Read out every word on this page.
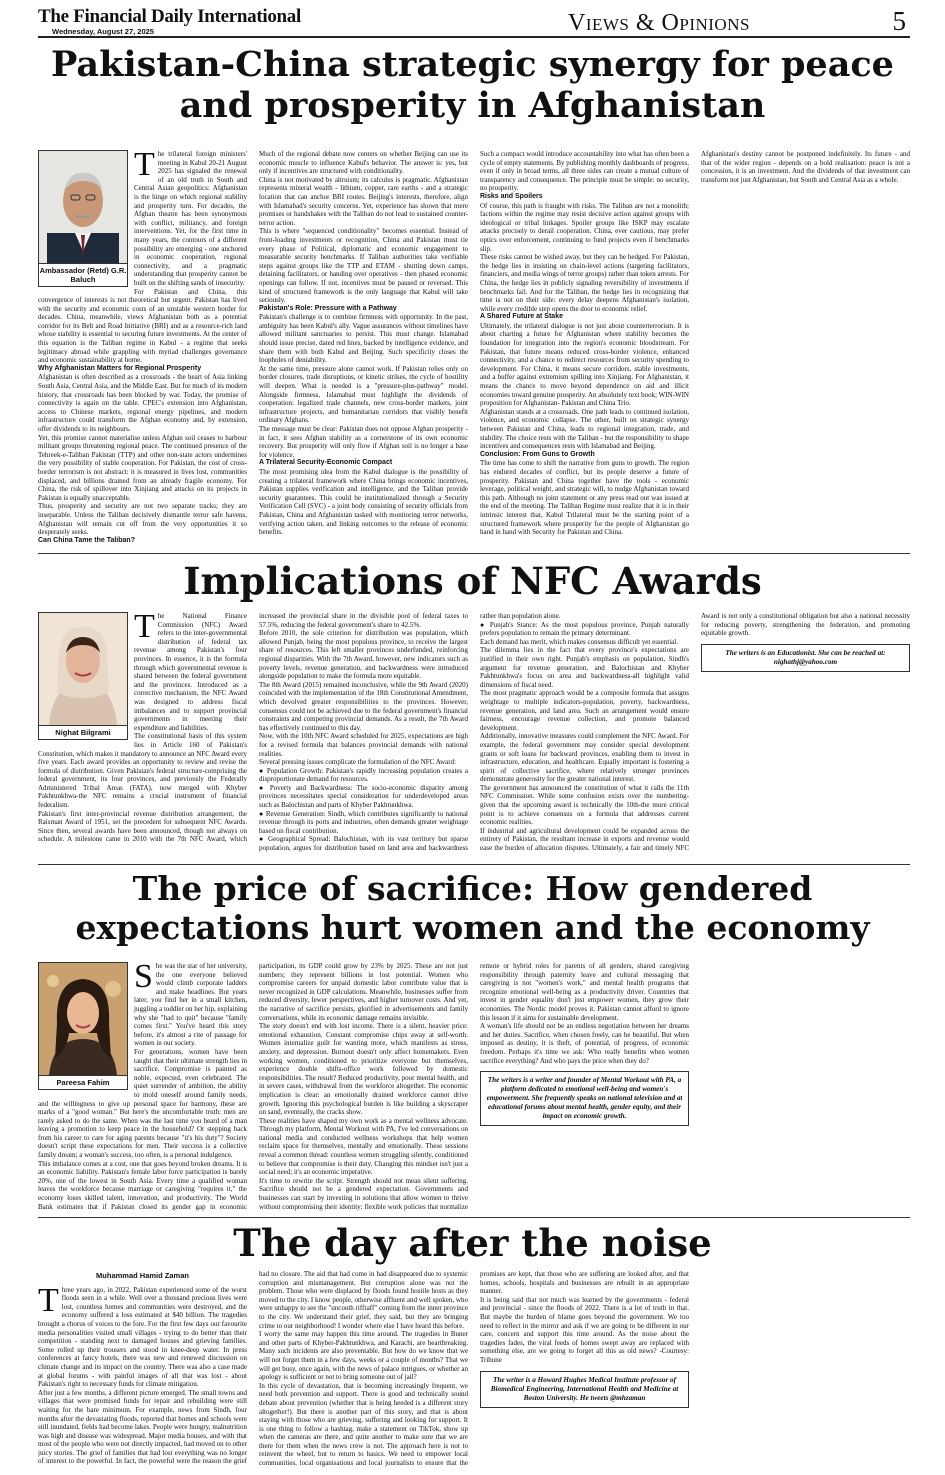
The Financial Daily International
Wednesday, August 27, 2025	Views & Opinions	5
Pakistan-China strategic synergy for peace and prosperity in Afghanistan
Ambassador (Retd) G.R. Baluch
T he trilateral foreign ministers' meeting in Kabul 20-21 August 2025 has signaled the renewal of an old truth in South and Central Asian geopolitics: Afghanistan is the hinge on which regional stability and prosperity turn. For decades, the Afghan theatre has been synonymous with conflict, militancy, and foreign interventions. Yet, for the first time in many years, the contours of a different possibility are emerging - one anchored in economic cooperation, regional connectivity, and a pragmatic understanding that prosperity cannot be built on the shifting sands of insecurity.

For Pakistan and China, this convergence of interests is not theoretical but urgent. Pakistan has lived with the security and economic costs of an unstable western border for decades. China, meanwhile, views Afghanistan both as a potential corridor for its Belt and Road Initiative (BRI) and as a resource-rich land whose stability is essential to securing future investments. At the center of this equation is the Taliban regime in Kabul - a regime that seeks legitimacy abroad while grappling with myriad challenges governance and economic sustainability at home.

Why Afghanistan Matters for Regional Prosperity

Afghanistan is often described as a crossroads - the heart of Asia linking South Asia, Central Asia, and the Middle East. But for much of its modern history, that crossroads has been blocked by war. Today, the promise of connectivity is again on the table. CPEC's extension into Afghanistan, access to Chinese markets, regional energy pipelines, and modern infrastructure could transform the Afghan economy and, by extension, offer dividends to its neighbours.

Yet, this promise cannot materialise unless Afghan soil ceases to harbour militant groups threatening regional peace. The continued presence of the Tehreek-e-Taliban Pakistan (TTP) and other non-state actors undermines the very possibility of stable cooperation. For Pakistan, the cost of cross-border terrorism is not abstract: it is measured in lives lost, communities displaced, and billions drained from an already fragile economy. For China, the risk of spillover into Xinjiang and attacks on its projects in Pakistan is equally unacceptable.

Thus, prosperity and security are not two separate tracks; they are inseparable. Unless the Taliban decisively dismantle terror safe havens, Afghanistan will remain cut off from the very opportunities it so desperately seeks.

Can China Tame the Taliban?

Much of the regional debate now centers on whether Beijing can use its economic muscle to influence Kabul's behavior. The answer is: yes, but only if incentives are structured with conditionality.

China is not motivated by altruism; its calculus is pragmatic. Afghanistan represents mineral wealth - lithium, copper, rare earths - and a strategic location that can anchor BRI routes. Beijing's interests, therefore, align with Islamabad's security concerns. Yet, experience has shown that mere promises or handshakes with the Taliban do not lead to sustained counter-terror action.

This is where "sequenced conditionality" becomes essential. Instead of front-loading investments or recognition, China and Pakistan must tie every phase of Political, diplomatic and economic engagement to measurable security benchmarks. If Taliban authorities take verifiable steps against groups like the TTP and ETAM - shutting down camps, detaining facilitators, or handing over operatives - then phased economic openings can follow. If not, incentives must be paused or reversed. This kind of structured framework is the only language that Kabul will take seriously.

Pakistan's Role: Pressure with a Pathway

Pakistan's challenge is to combine firmness with opportunity. In the past, ambiguity has been Kabul's ally. Vague assurances without timelines have allowed militant sanctuaries to persist. This must change. Islamabad should issue precise, dated red lines, backed by intelligence evidence, and share them with both Kabul and Beijing. Such specificity closes the loopholes of deniability.

At the same time, pressure alone cannot work. If Pakistan relies only on border closures, trade disruptions, or kinetic strikes, the cycle of hostility will deepen. What is needed is a "pressure-plus-pathway" model. Alongside firmness, Islamabad must highlight the dividends of cooperation: legalized trade channels, new cross-border markets, joint infrastructure projects, and humanitarian corridors that visibly benefit ordinary Afghans.

The message must be clear: Pakistan does not oppose Afghan prosperity - in fact, it sees Afghan stability as a cornerstone of its own economic recovery. But prosperity will only flow if Afghan soil is no longer a base for violence.

A Trilateral Security-Economic Compact

The most promising idea from the Kabul dialogue is the possibility of creating a trilateral framework where China brings economic incentives, Pakistan supplies verification and intelligence, and the Taliban provide security guarantees. This could be institutionalized through a Security Verification Cell (SVC) - a joint body consisting of security officials from Pakistan, China and Afghanistan tasked with monitoring terror networks, verifying action taken, and linking outcomes to the release of economic benefits.

Such a compact would introduce accountability into what has often been a cycle of empty statements. By publishing monthly dashboards of progress, even if only in broad terms, all three sides can create a mutual culture of transparency and consequence. The principle must be simple: no security, no prosperity.

Risks and Spoilers

Of course, this path is fraught with risks. The Taliban are not a monolith; factions within the regime may resist decisive action against groups with ideological or tribal linkages. Spoiler groups like ISKP may escalate attacks precisely to derail cooperation. China, ever cautious, may prefer optics over enforcement, continuing to fund projects even if benchmarks slip.

These risks cannot be wished away, but they can be hedged. For Pakistan, the hedge lies in insisting on chain-level actions (targeting facilitators, financiers, and media wings of terror groups) rather than token arrests. For China, the hedge lies in publicly signaling reversibility of investments if benchmarks fail. And for the Taliban, the hedge lies in recognizing that time is not on their side: every delay deepens Afghanistan's isolation, while every credible step opens the door to economic relief.

A Shared Future at Stake

Ultimately, the trilateral dialogue is not just about counterterrorism. It is about charting a future for Afghanistan where stability becomes the foundation for integration into the region's economic bloodstream. For Pakistan, that future means reduced cross-border violence, enhanced connectivity, and a chance to redirect resources from security spending to development. For China, it means secure corridors, stable investments, and a buffer against extremism spilling into Xinjiang. For Afghanistan, it means the chance to move beyond dependence on aid and illicit economies toward genuine prosperity. An absolutely text book; WIN-WIN proposition for Afghanistan- Pakistan and China Trio.

Afghanistan stands at a crossroads. One path leads to continued isolation, violence, and economic collapse. The other, built on strategic synergy between Pakistan and China, leads to regional integration, trade, and stability. The choice rests with the Taliban - but the responsibility to shape incentives and consequences rests with Islamabad and Beijing.

Conclusion: From Guns to Growth

The time has come to shift the narrative from guns to growth. The region has endured decades of conflict, but its people deserve a future of prosperity. Pakistan and China together have the tools - economic leverage, political weight, and strategic will, to nudge Afghanistan toward this path. Although no joint statement or any press read out was issued at the end of the meeting. The Taliban Regime must realize that it is in their intrinsic interest that, Kabul Trilateral must be the starting point of a structured framework where prosperity for the people of Afghanistan go hand in hand with Security for Pakistan and China.

Afghanistan's destiny cannot be postponed indefinitely. Its future - and that of the wider region - depends on a bold realisation: peace is not a concession, it is an investment. And the dividends of that investment can transform not just Afghanistan, but South and Central Asia as a whole.

Implications of NFC Awards
Nighat Bilgrami
T he National Finance Commission (NFC) Award refers to the inter-governmental distribution of federal tax revenue among Pakistan's four provinces. In essence, it is the formula through which governmental revenue is shared between the federal government and the provinces. Introduced as a corrective mechanism, the NFC Award was designed to address fiscal imbalances and to support provincial governments in meeting their expenditure and liabilities.

The constitutional basis of this system lies in Article 160 of Pakistan's Constitution, which makes it mandatory to announce an NFC Award every five years. Each award provides an opportunity to review and revise the formula of distribution. Given Pakistan's federal structure-comprising the federal government, its four provinces, and previously the Federally Administered Tribal Areas (FATA), now merged with Khyber Pakhtunkhwa-the NFC remains a crucial instrument of financial federalism.

Pakistan's first inter-provincial revenue distribution arrangement, the Raisman Award of 1951, set the precedent for subsequent NFC Awards. Since then, several awards have been announced, though not always on schedule. A milestone came in 2010 with the 7th NFC Award, which increased the provincial share in the divisible pool of federal taxes to 57.5%, reducing the federal government's share to 42.5%.

Before 2010, the sole criterion for distribution was population, which allowed Punjab, being the most populous province, to receive the largest share of resources. This left smaller provinces underfunded, reinforcing regional disparities. With the 7th Award, however, new indicators such as poverty levels, revenue generation, and backwardness were introduced alongside population to make the formula more equitable.

The 8th Award (2015) remained inconclusive, while the 9th Award (2020) coincided with the implementation of the 18th Constitutional Amendment, which devolved greater responsibilities to the provinces. However, consensus could not be achieved due to the federal government's financial constraints and competing provincial demands. As a result, the 7th Award has effectively continued to this day.

Now, with the 10th NFC Award scheduled for 2025, expectations are high for a revised formula that balances provincial demands with national realities.

Several pressing issues complicate the formulation of the NFC Award:

● Population Growth: Pakistan's rapidly increasing population creates a disproportionate demand for resources.

● Poverty and Backwardness: The socio-economic disparity among provinces necessitates special consideration for underdeveloped areas such as Balochistan and parts of Khyber Pakhtunkhwa.

● Revenue Generation: Sindh, which contributes significantly to national revenue through its ports and industries, often demands greater weightage based on fiscal contribution.

● Geographical Spread: Balochistan, with its vast territory but sparse population, argues for distribution based on land area and backwardness rather than population alone.

● Punjab's Stance: As the most populous province, Punjab naturally prefers population to remain the primary determinant.

Each demand has merit, which makes consensus difficult yet essential.

The dilemma lies in the fact that every province's expectations are justified in their own right. Punjab's emphasis on population, Sindh's argument for revenue generation, and Balochistan and Khyber Pakhtunkhwa's focus on area and backwardness-all highlight valid dimensions of fiscal need.

The most pragmatic approach would be a composite formula that assigns weightage to multiple indicators-population, poverty, backwardness, revenue generation, and land area. Such an arrangement would ensure fairness, encourage revenue collection, and promote balanced development.

Additionally, innovative measures could complement the NFC Award. For example, the federal government may consider special development grants or soft loans for backward provinces, enabling them to invest in infrastructure, education, and healthcare. Equally important is fostering a spirit of collective sacrifice, where relatively stronger provinces demonstrate generosity for the greater national interest.

The government has announced the constitution of what it calls the 11th NFC Commission. While some confusion exists over the numbering-given that the upcoming award is technically the 10th-the more critical point is to achieve consensus on a formula that addresses current economic realities.

If industrial and agricultural development could be expanded across the entirety of Pakistan, the resultant increase in exports and revenue would ease the burden of allocation disputes. Ultimately, a fair and timely NFC Award is not only a constitutional obligation but also a national necessity for reducing poverty, strengthening the federation, and promoting equitable growth.

The writers is an Educationist. She can be reached at: nighathj@yahoo.com
The price of sacrifice: How gendered expectations hurt women and the economy
Pareesa Fahim
S he was the star of her university, the one everyone believed would climb corporate ladders and make headlines. But years later, you find her in a small kitchen, juggling a toddler on her hip, explaining why she "had to quit" because "family comes first." You've heard this story before, it's almost a rite of passage for women in our society.

For generations, women have been taught that their ultimate strength lies in sacrifice. Compromise is painted as noble, expected, even celebrated. The quiet surrender of ambition, the ability to mold oneself around family needs, and the willingness to give up personal space for harmony, these are marks of a "good woman." But here's the uncomfortable truth: men are rarely asked to do the same. When was the last time you heard of a man leaving a promotion to keep peace in the household? Or stepping back from his career to care for aging parents because "it's his duty"? Society doesn't script these expectations for men. Their success is a collective family dream; a woman's success, too often, is a personal indulgence.

This imbalance comes at a cost, one that goes beyond broken dreams. It is an economic liability. Pakistan's female labor force participation is barely 20%, one of the lowest in South Asia. Every time a qualified woman leaves the workforce because marriage or caregiving "requires it," the economy loses skilled talent, innovation, and productivity. The World Bank estimates that if Pakistan closed its gender gap in economic participation, its GDP could grow by 23% by 2025. These are not just numbers; they represent billions in lost potential. Women who compromise careers for unpaid domestic labor contribute value that is never recognized in GDP calculations. Meanwhile, businesses suffer from reduced diversity, fewer perspectives, and higher turnover costs. And yet, the narrative of sacrifice persists, glorified in advertisements and family conversations, while its economic damage remains invisible.

The story doesn't end with lost income. There is a silent, heavier price: emotional exhaustion. Constant compromise chips away at self-worth. Women internalize guilt for wanting more, which manifests as stress, anxiety, and depression. Burnout doesn't only affect homemakers. Even working women, conditioned to prioritize everyone but themselves, experience double shifts-office work followed by domestic responsibilities. The result? Reduced productivity, poor mental health, and in severe cases, withdrawal from the workforce altogether. The economic implication is clear: an emotionally drained workforce cannot drive growth. Ignoring this psychological burden is like building a skyscraper on sand, eventually, the cracks show.

These realities have shaped my own work as a mental wellness advocate. Through my platform, Mental Workout with PA, I've led conversations on national media and conducted wellness workshops that help women reclaim space for themselves, mentally and emotionally. These sessions reveal a common thread: countless women struggling silently, conditioned to believe that compromise is their duty. Changing this mindset isn't just a social need; it's an economic imperative.

It's time to rewrite the script. Strength should not mean silent suffering. Sacrifice should not be a gendered expectation. Governments and businesses can start by investing in solutions that allow women to thrive without compromising their identity: flexible work policies that normalize remote or hybrid roles for parents of all genders, shared caregiving responsibility through paternity leave and cultural messaging that caregiving is not "women's work," and mental health programs that recognize emotional well-being as a productivity driver. Countries that invest in gender equality don't just empower women, they grow their economies. The Nordic model proves it. Pakistan cannot afford to ignore this lesson if it aims for sustainable development.

A woman's life should not be an endless negotiation between her dreams and her duties. Sacrifice, when chosen freely, can be beautiful. But when imposed as destiny, it is theft, of potential, of progress, of economic freedom. Perhaps it's time we ask: Who really benefits when women sacrifice everything? And who pays the price when they do?

The writers is a writer and founder of Mental Workout with PA, a platform dedicated to emotional well-being and women's empowerment. She frequently speaks on national television and at educational forums about mental health, gender equity, and their impact on economic growth.
The day after the noise
Muhammad Hamid Zaman
T hree years ago, in 2022, Pakistan experienced some of the worst floods seen in a while. Well over a thousand precious lives were lost, countless homes and communities were destroyed, and the economy suffered a loss estimated at $40 billion. The tragedies brought a chorus of voices to the fore. For the first few days our favourite media personalities visited small villages - trying to do better than their competition - standing next to damaged houses and grieving families. Some rolled up their trousers and stood in knee-deep water. In press conferences at fancy hotels, there was new and renewed discussion on climate change and its impact on the country. There was also a case made at global forums - with painful images of all that was lost - about Pakistan's right to necessary funds for climate mitigation.

After just a few months, a different picture emerged. The small towns and villages that were promised funds for repair and rebuilding were still waiting for the bare minimum. For example, news from Sindh, four months after the devastating floods, reported that homes and schools were still inundated, fields had become lakes. People were hungry, malnutrition was high and disease was widespread. Major media houses, and with that most of the people who were not directly impacted, had moved on to other juicy stories. The grief of families that had lost everything was no longer of interest to the powerful. In fact, the powerful were the reason the grief had no closure. The aid that had come in had disappeared due to systemic corruption and mismanagement. But corruption alone was not the problem. Those who were displaced by floods found hostile hosts as they moved to the city. I know people, otherwise affluent and well spoken, who were unhappy to see the "uncouth riffraff" coming from the inner province to the city. We understand their grief, they said, but they are bringing crime to our neighborhood! I wonder where else I have heard this before.

I worry the same may happen this time around. The tragedies in Buner and other parts of Khyber-Pakhtunkhwa, and Karachi, are heartbreaking. Many such incidents are also preventable. But how do we know that we will not forget them in a few days, weeks or a couple of months? That we will get busy, once again, with the news of palace intrigues, or whether an apology is sufficient or not to bring someone out of jail?

In this cycle of devastation, that is becoming increasingly frequent, we need both prevention and support. There is good and technically sound debate about prevention (whether that is being heeded is a different story altogether!). But there is another part of this story, and that is about staying with those who are grieving, suffering and looking for support. It is one thing to follow a hashtag, make a statement on TikTok, show up when the cameras are there, and quite another to make sure that we are there for them when the news crew is not. The approach here is not to reinvent the wheel, but to return to basics. We need to empower local communities, local organisations and local journalists to ensure that the promises are kept, that those who are suffering are looked after, and that homes, schools, hospitals and businesses are rebuilt in an appropriate manner.

It is being said that not much was learned by the governments - federal and provincial - since the floods of 2022. There is a lot of truth in that. But maybe the burden of blame goes beyond the government. We too need to reflect in the mirror and ask if we are going to be different in our care, concern and support this time around. As the noise about the tragedies fades, the viral feeds of homes swept away are replaced with something else, are we going to forget all this as old news? -Courtesy: Tribune

The writer is a Howard Hughes Medical Institute professor of Biomedical Engineering, International Health and Medicine at Boston University. He tweets @mhzaman
